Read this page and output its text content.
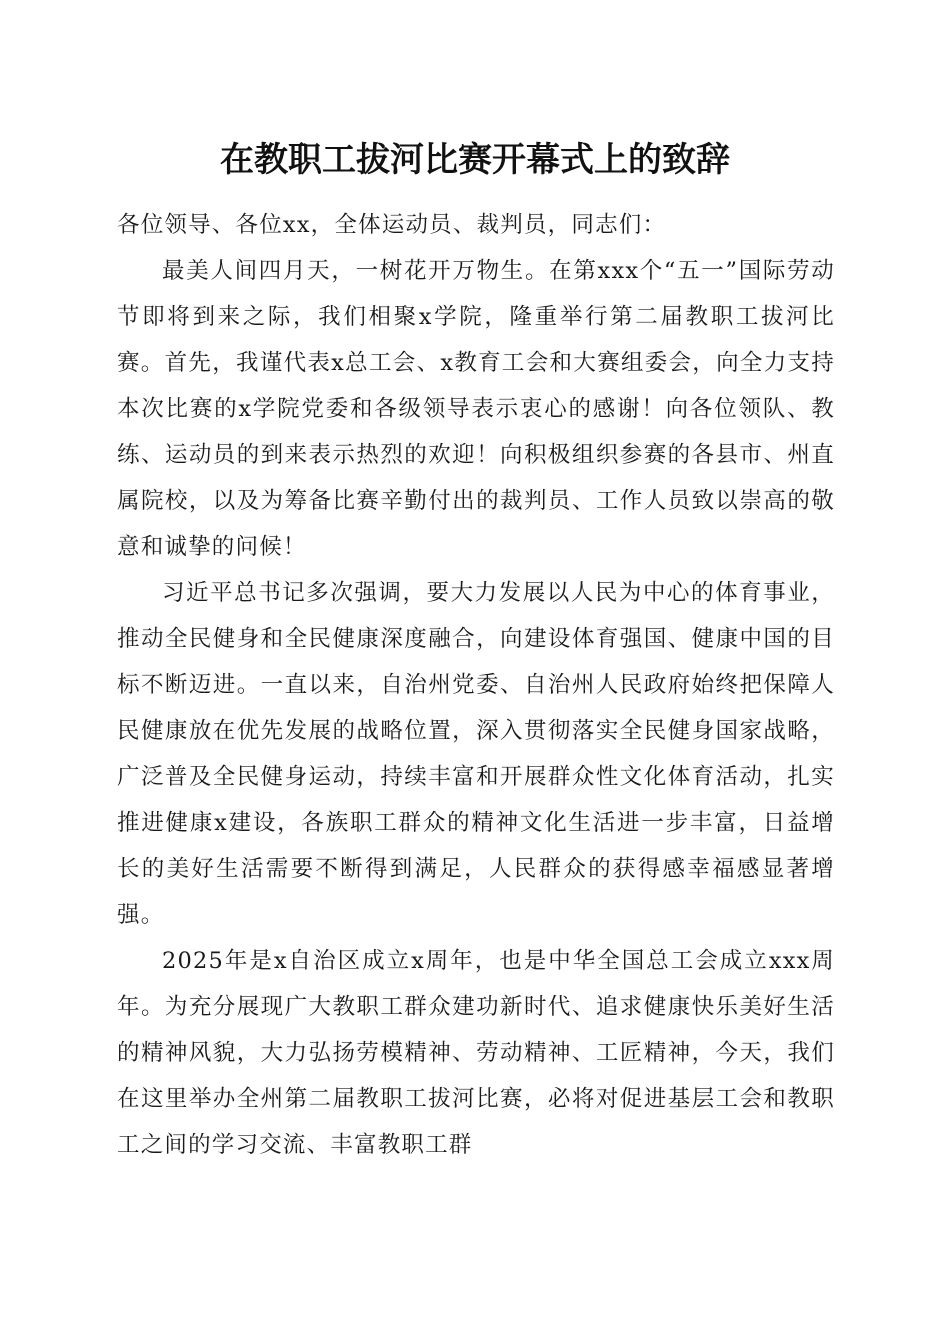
在教职工拔河比赛开幕式上的致辞

各位领导、各位xx，全体运动员、裁判员，同志们：

最美人间四月天，一树花开万物生。在第xxx个“五一”国际劳动节即将到来之际，我们相聚x学院，隆重举行第二届教职工拔河比赛。首先，我谨代表x总工会、x教育工会和大赛组委会，向全力支持本次比赛的x学院党委和各级领导表示衷心的感谢！向各位领队、教练、运动员的到来表示热烈的欢迎！向积极组织参赛的各县市、州直属院校，以及为筹备比赛辛勤付出的裁判员、工作人员致以崇高的敬意和诚挚的问候！

习近平总书记多次强调，要大力发展以人民为中心的体育事业，推动全民健身和全民健康深度融合，向建设体育强国、健康中国的目标不断迈进。一直以来，自治州党委、自治州人民政府始终把保障人民健康放在优先发展的战略位置，深入贯彻落实全民健身国家战略，广泛普及全民健身运动，持续丰富和开展群众性文化体育活动，扎实推进健康x建设，各族职工群众的精神文化生活进一步丰富，日益增长的美好生活需要不断得到满足，人民群众的获得感幸福感显著增强。

2025年是x自治区成立x周年，也是中华全国总工会成立xxx周年。为充分展现广大教职工群众建功新时代、追求健康快乐美好生活的精神风貌，大力弘扬劳模精神、劳动精神、工匠精神，今天，我们在这里举办全州第二届教职工拔河比赛，必将对促进基层工会和教职工之间的学习交流、丰富教职工群
